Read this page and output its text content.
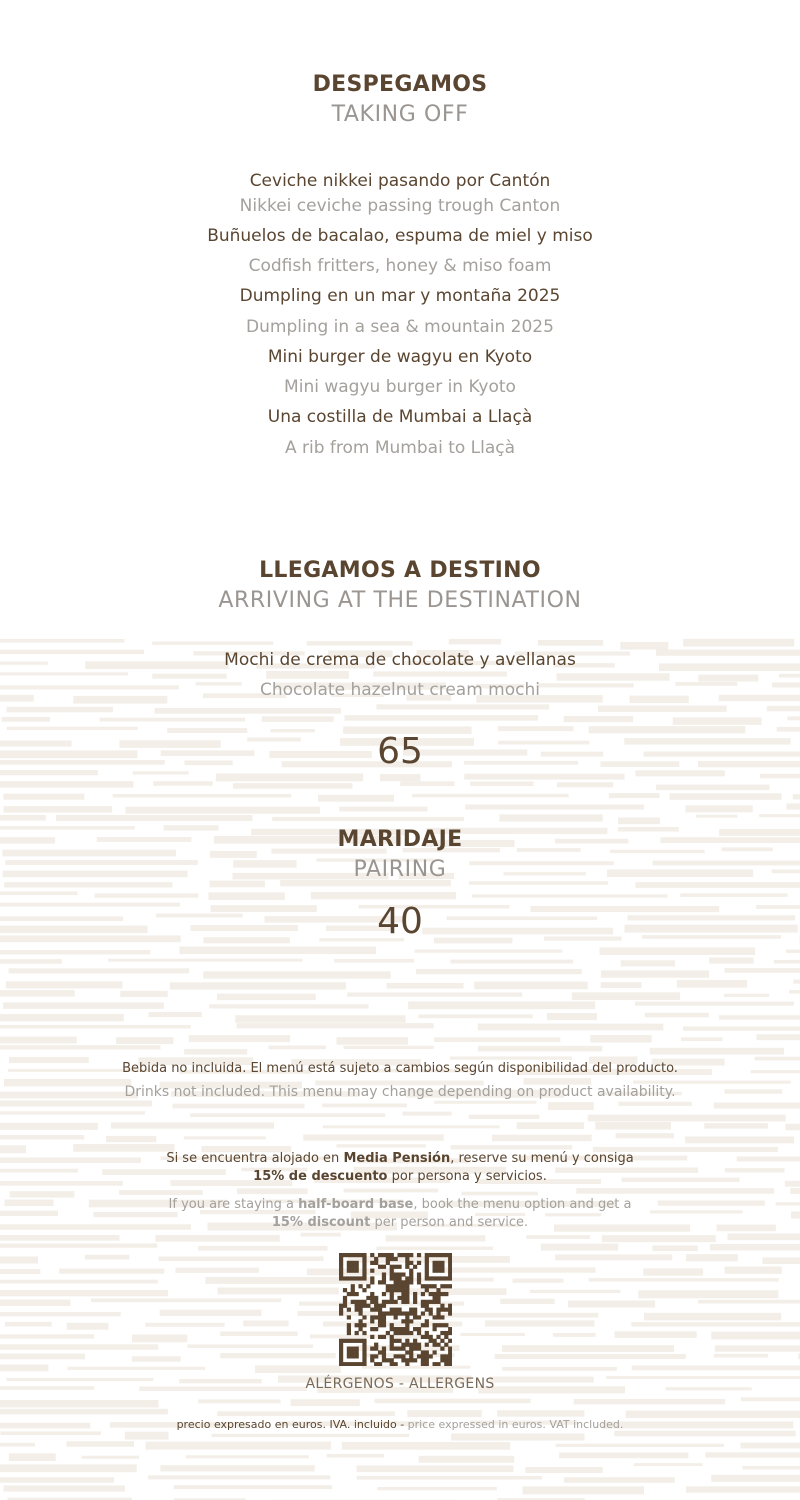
DESPEGAMOS
TAKING OFF
Ceviche nikkei pasando por Cantón
Nikkei ceviche passing trough Canton
Buñuelos de bacalao, espuma de miel y miso
Codfish fritters, honey & miso foam
Dumpling en un mar y montaña 2025
Dumpling in a sea & mountain 2025
Mini burger de wagyu en Kyoto
Mini wagyu burger in Kyoto
Una costilla de Mumbai a Llaçà
A rib from Mumbai to Llaçà
LLEGAMOS A DESTINO
ARRIVING AT THE DESTINATION
Mochi de crema de chocolate y avellanas
Chocolate hazelnut cream mochi
65
MARIDAJE
PAIRING
40
Bebida no incluida. El menú está sujeto a cambios según disponibilidad del producto.
Drinks not included. This menu may change depending on product availability.
Si se encuentra alojado en Media Pensión, reserve su menú y consiga
15% de descuento por persona y servicios.
If you are staying a half-board base, book the menu option and get a
15% discount per person and service.
ALÉRGENOS - ALLERGENS
precio expresado en euros. IVA. incluido - price expressed in euros. VAT included.
